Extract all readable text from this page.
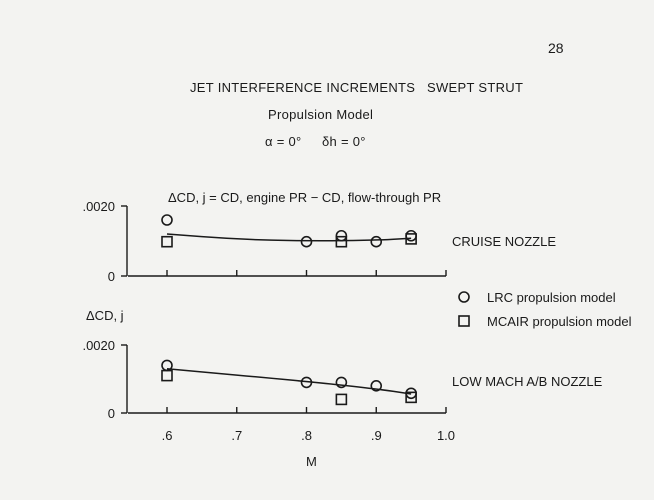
28
JET INTERFERENCE INCREMENTS   SWEPT STRUT
Propulsion Model
α = 0° δh = 0°
ΔCD, j = CD, engine PR − CD, flow-through PR
ΔCD, j
M
LRC propulsion model
MCAIR propulsion model
0
.0020
CRUISE NOZZLE
0
.0020
.6	.7	.8	.9	1.0
LOW MACH A/B NOZZLE
